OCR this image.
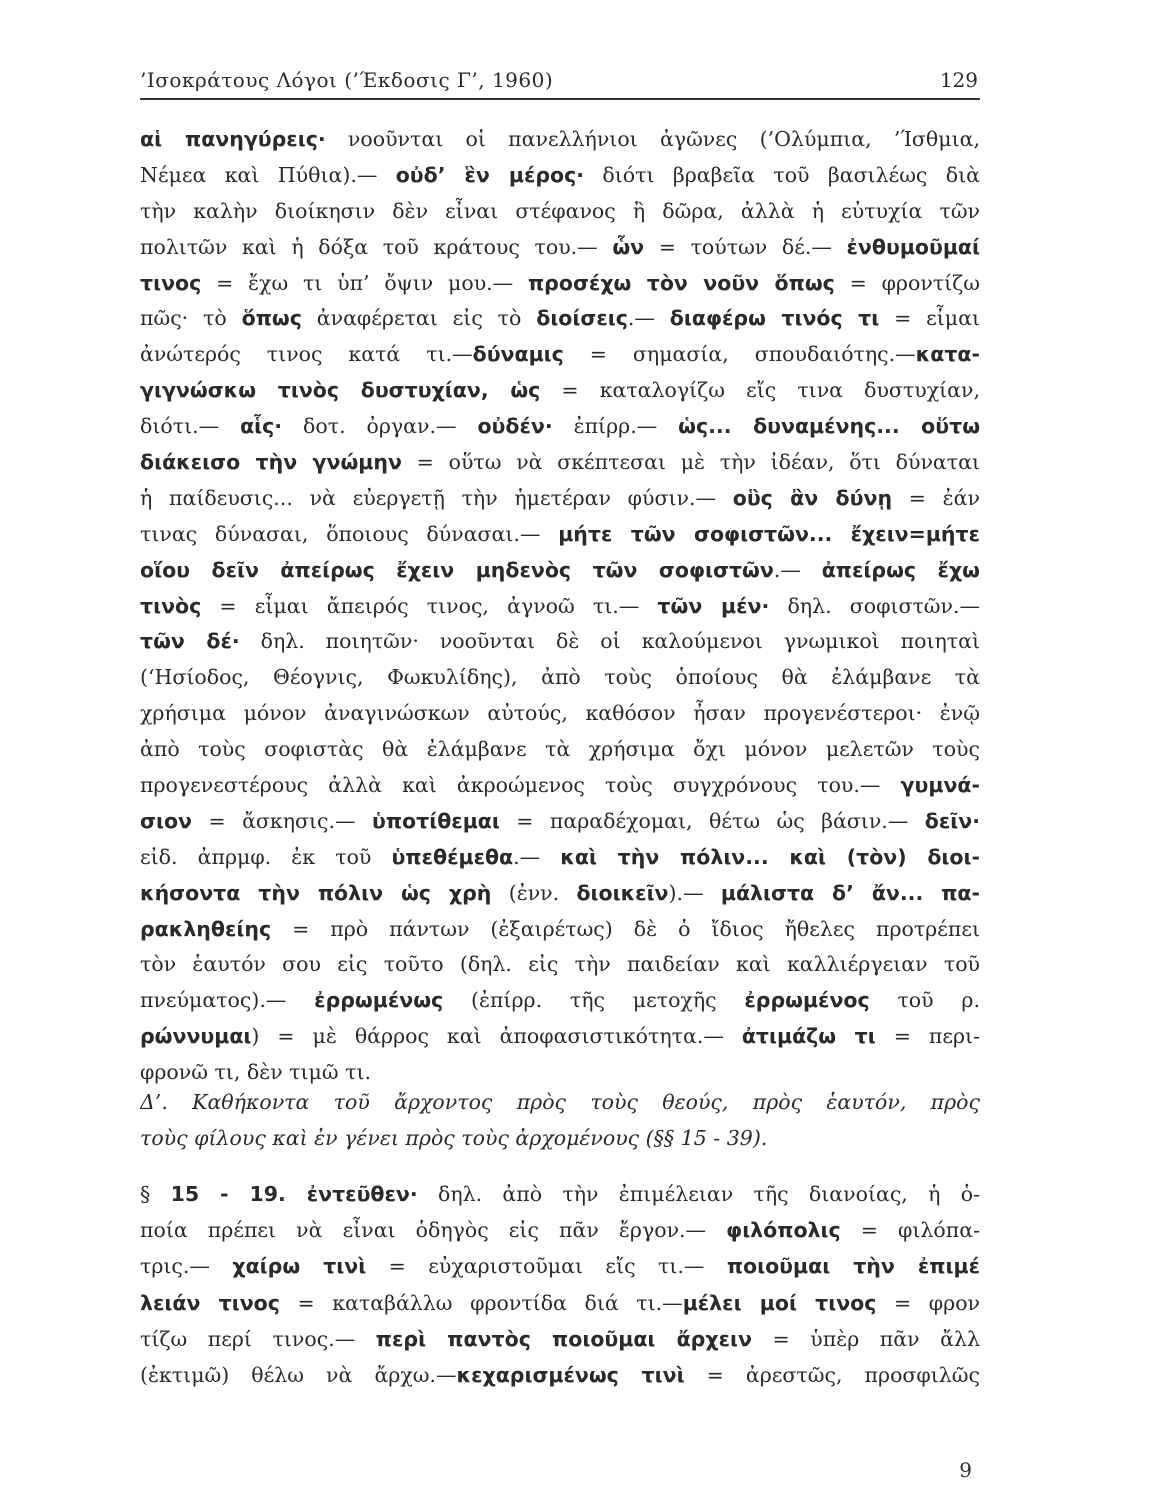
’Ισοκράτους Λόγοι (’Έκδοσις Γ’, 1960)	129
αἱ πανηγύρεις· νοοῦνται οἱ πανελλήνιοι ἀγῶνες (’Ολύμπια, ’Ίσθμια,
Νέμεα καὶ Πύθια).— οὐδ’ ἓν μέρος· διότι βραβεῖα τοῦ βασιλέως διὰ
τὴν καλὴν διοίκησιν δὲν εἶναι στέφανος ἢ δῶρα, ἀλλὰ ἡ εὐτυχία τῶν
πολιτῶν καὶ ἡ δόξα τοῦ κράτους του.— ὧν = τούτων δέ.— ἐνθυμοῦμαί
τινος = ἔχω τι ὑπ’ ὄψιν μου.— προσέχω τὸν νοῦν ὅπως = φροντίζω
πῶς· τὸ ὅπως ἀναφέρεται εἰς τὸ διοίσεις.— διαφέρω τινός τι = εἶμαι
ἀνώτερός τινος κατά τι.—δύναμις = σημασία, σπουδαιότης.—κατα-
γιγνώσκω τινὸς δυστυχίαν, ὡς = καταλογίζω εἴς τινα δυστυχίαν,
διότι.— αἷς· δοτ. ὀργαν.— οὐδέν· ἐπίρρ.— ὡς... δυναμένης... οὕτω
διάκεισο τὴν γνώμην = οὕτω νὰ σκέπτεσαι μὲ τὴν ἰδέαν, ὅτι δύναται
ἡ παίδευσις... νὰ εὐεργετῇ τὴν ἡμετέραν φύσιν.— οὓς ἂν δύνῃ = ἐάν
τινας δύνασαι, ὅποιους δύνασαι.— μήτε τῶν σοφιστῶν... ἔχειν=μήτε
οἵου δεῖν ἀπείρως ἔχειν μηδενὸς τῶν σοφιστῶν.— ἀπείρως ἔχω
τινὸς = εἶμαι ἄπειρός τινος, ἀγνοῶ τι.— τῶν μέν· δηλ. σοφιστῶν.—
τῶν δέ· δηλ. ποιητῶν· νοοῦνται δὲ οἱ καλούμενοι γνωμικοὶ ποιηταὶ
(‘Ησίοδος, Θέογνις, Φωκυλίδης), ἀπὸ τοὺς ὁποίους θὰ ἐλάμβανε τὰ
χρήσιμα μόνον ἀναγινώσκων αὐτούς, καθόσον ἦσαν προγενέστεροι· ἐνῷ
ἀπὸ τοὺς σοφιστὰς θὰ ἐλάμβανε τὰ χρήσιμα ὄχι μόνον μελετῶν τοὺς
προγενεστέρους ἀλλὰ καὶ ἀκροώμενος τοὺς συγχρόνους του.— γυμνά-
σιον = ἄσκησις.— ὑποτίθεμαι = παραδέχομαι, θέτω ὡς βάσιν.— δεῖν·
εἰδ. ἀπρμφ. ἐκ τοῦ ὑπεθέμεθα.— καὶ τὴν πόλιν... καὶ (τὸν) διοι-
κήσοντα τὴν πόλιν ὡς χρὴ (ἐνν. διοικεῖν).— μάλιστα δ’ ἄν... πα-
ρακληθείης = πρὸ πάντων (ἐξαιρέτως) δὲ ὁ ἴδιος ἤθελες προτρέπει
τὸν ἑαυτόν σου εἰς τοῦτο (δηλ. εἰς τὴν παιδείαν καὶ καλλιέργειαν τοῦ
πνεύματος).— ἐρρωμένως (ἐπίρρ. τῆς μετοχῆς ἐρρωμένος τοῦ ρ.
ρώννυμαι) = μὲ θάρρος καὶ ἀποφασιστικότητα.— ἀτιμάζω τι = περι-
φρονῶ τι, δὲν τιμῶ τι.
Δ’. Καθήκοντα τοῦ ἄρχοντος πρὸς τοὺς θεούς, πρὸς ἑαυτόν, πρὸς
τοὺς φίλους καὶ ἐν γένει πρὸς τοὺς ἀρχομένους (§§ 15 - 39).
§ 15 - 19. ἐντεῦθεν· δηλ. ἀπὸ τὴν ἐπιμέλειαν τῆς διανοίας, ἡ ὁ-
ποία πρέπει νὰ εἶναι ὁδηγὸς εἰς πᾶν ἔργον.— φιλόπολις = φιλόπα-
τρις.— χαίρω τινὶ = εὐχαριστοῦμαι εἴς τι.— ποιοῦμαι τὴν ἐπιμέ
λειάν τινος = καταβάλλω φροντίδα διά τι.—μέλει μοί τινος = φρον
τίζω περί τινος.— περὶ παντὸς ποιοῦμαι ἄρχειν = ὑπὲρ πᾶν ἄλλ
(ἐκτιμῶ) θέλω νὰ ἄρχω.—κεχαρισμένως τινὶ = ἀρεστῶς, προσφιλῶς
9
